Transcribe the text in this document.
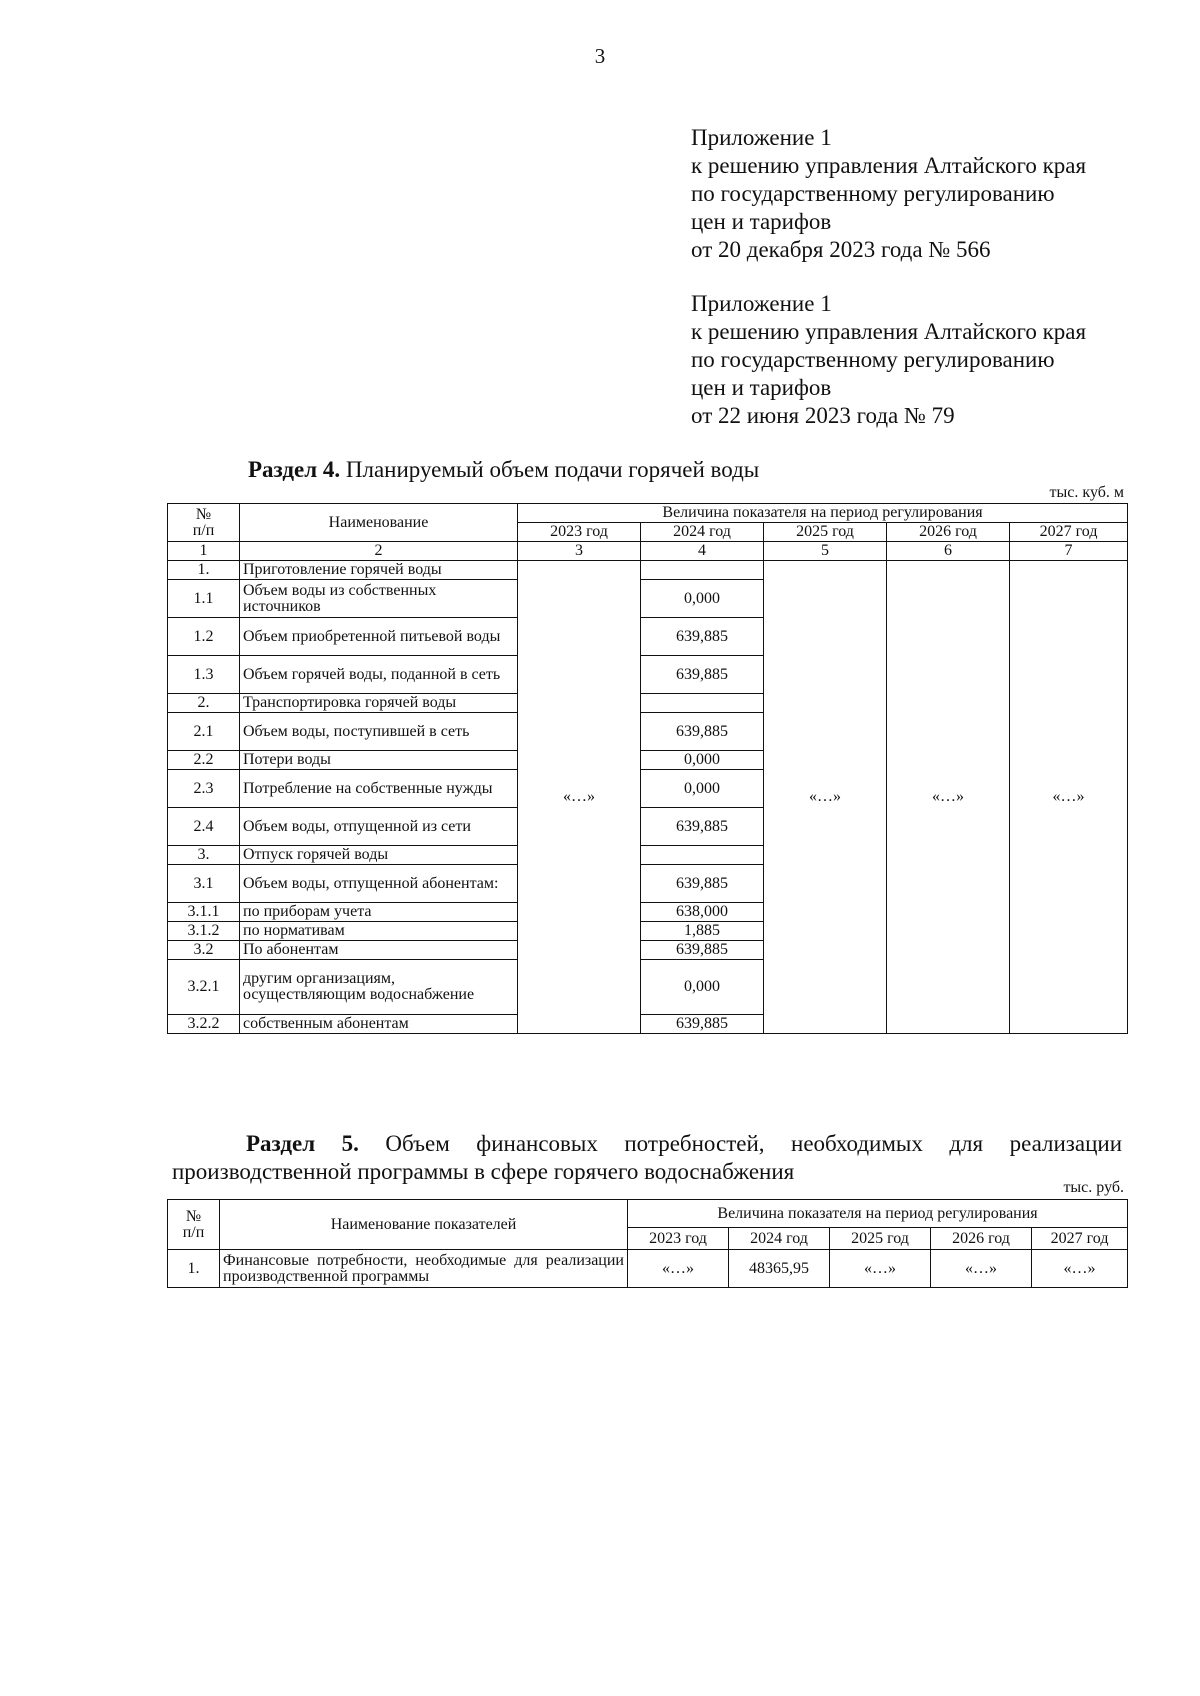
3
Приложение 1
к решению управления Алтайского края
по государственному регулированию
цен и тарифов
от 20 декабря 2023 года № 566
Приложение 1
к решению управления Алтайского края
по государственному регулированию
цен и тарифов
от 22 июня 2023 года № 79
Раздел 4. Планируемый объем подачи горячей воды
тыс. куб. м
№
п/п	Наименование	Величина показателя на период регулирования				
		2023 год	2024 год	2025 год	2026 год	2027 год
1	2	3	4	5	6	7
1.	Приготовление горячей воды	«…»		«…»	«…»	«…»
1.1	Объем воды из собственных источников		0,000			
1.2	Объем приобретенной питьевой воды		639,885			
1.3	Объем горячей воды, поданной в сеть		639,885			
2.	Транспортировка горячей воды					
2.1	Объем воды, поступившей в сеть		639,885			
2.2	Потери воды		0,000			
2.3	Потребление на собственные нужды		0,000			
2.4	Объем воды, отпущенной из сети		639,885			
3.	Отпуск горячей воды					
3.1	Объем воды, отпущенной абонентам:		639,885			
3.1.1	по приборам учета		638,000			
3.1.2	по нормативам		1,885			
3.2	По абонентам		639,885			
3.2.1	другим организациям, осуществляющим водоснабжение		0,000			
3.2.2	собственным абонентам		639,885			
Раздел 5. Объем финансовых потребностей, необходимых для реализации
производственной программы в сфере горячего водоснабжения
тыс. руб.
№
п/п	Наименование показателей	Величина показателя на период регулирования				
		2023 год	2024 год	2025 год	2026 год	2027 год
1.	Финансовые потребности, необходимые для реализации производственной программы	«…»	48365,95	«…»	«…»	«…»
